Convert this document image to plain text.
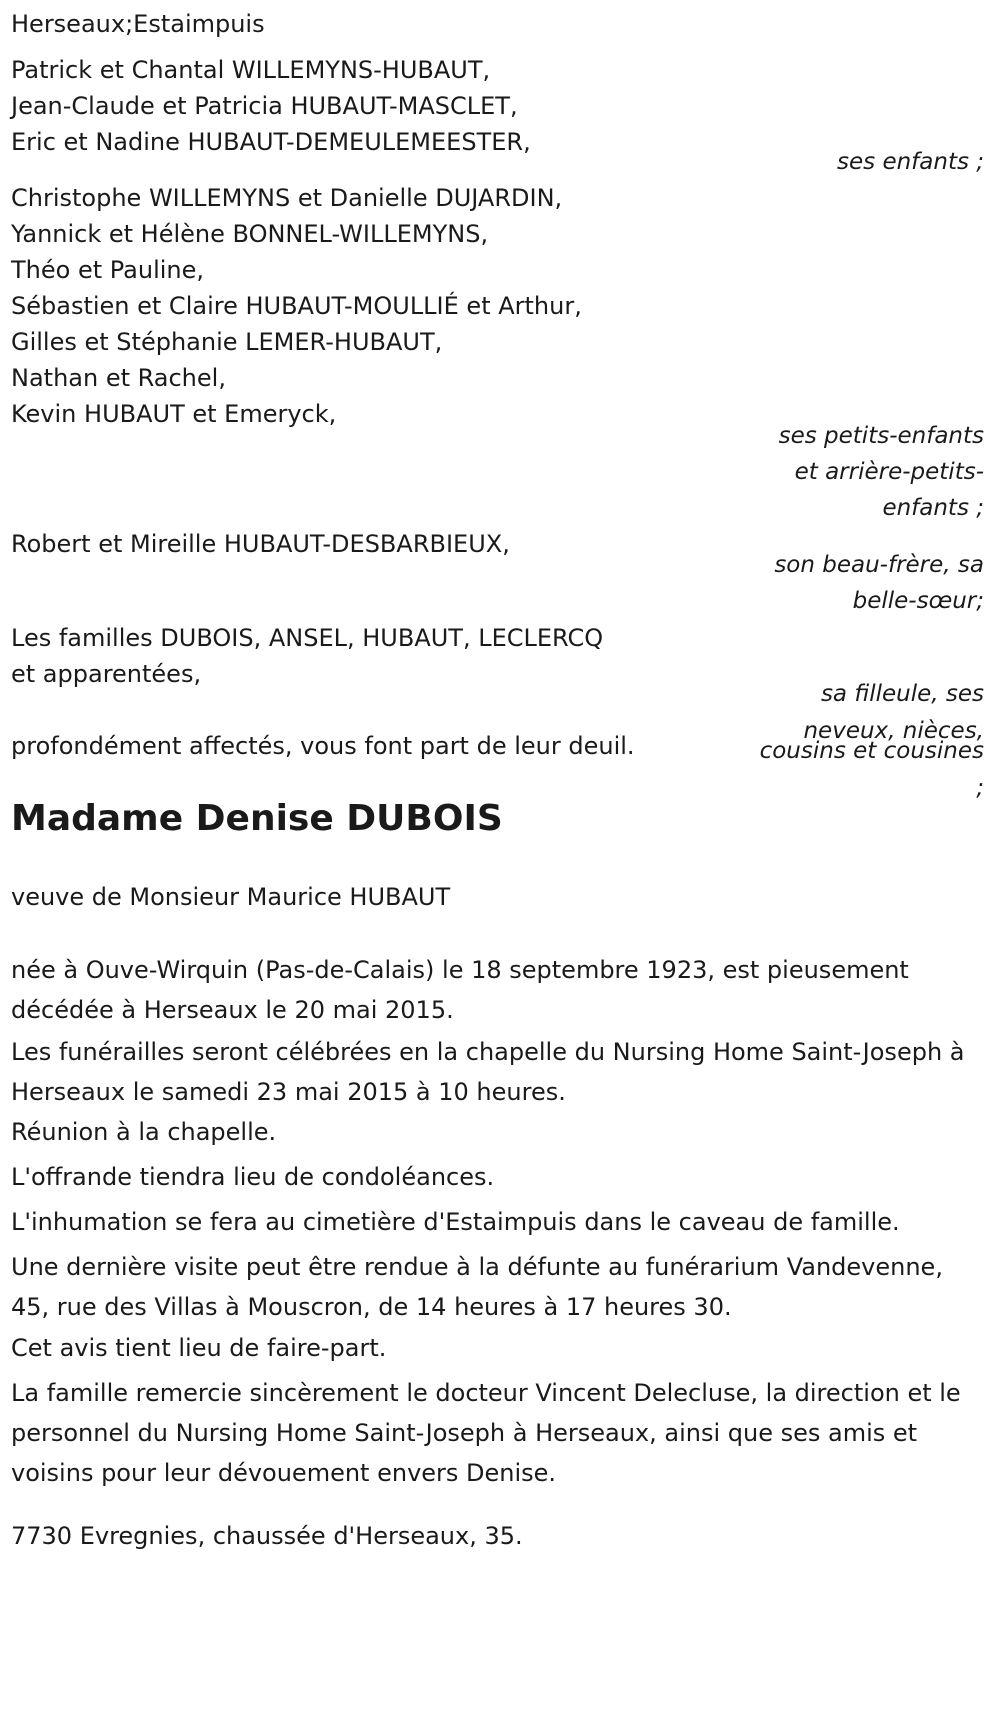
Herseaux;Estaimpuis
Patrick et Chantal WILLEMYNS-HUBAUT,
Jean-Claude et Patricia HUBAUT-MASCLET,
Eric et Nadine HUBAUT-DEMEULEMEESTER,
ses enfants ;
Christophe WILLEMYNS et Danielle DUJARDIN,
Yannick et Hélène BONNEL-WILLEMYNS,
Théo et Pauline,
Sébastien et Claire HUBAUT-MOULLIÉ et Arthur,
Gilles et Stéphanie LEMER-HUBAUT,
Nathan et Rachel,
Kevin HUBAUT et Emeryck,
ses petits-enfants
et arrière-petits-
enfants ;
Robert et Mireille HUBAUT-DESBARBIEUX,
son beau-frère, sa
belle-sœur;
Les familles DUBOIS, ANSEL, HUBAUT, LECLERCQ
et apparentées,
sa filleule, ses
neveux, nièces,
cousins et cousines
;
profondément affectés, vous font part de leur deuil.
Madame Denise DUBOIS
veuve de Monsieur Maurice HUBAUT
née à Ouve-Wirquin (Pas-de-Calais) le 18 septembre 1923, est pieusement décédée à Herseaux le 20 mai 2015.
Les funérailles seront célébrées en la chapelle du Nursing Home Saint-Joseph à Herseaux le samedi 23 mai 2015 à 10 heures.
Réunion à la chapelle.
L'offrande tiendra lieu de condoléances.
L'inhumation se fera au cimetière d'Estaimpuis dans le caveau de famille.
Une dernière visite peut être rendue à la défunte au funérarium Vandevenne, 45, rue des Villas à Mouscron, de 14 heures à 17 heures 30.
Cet avis tient lieu de faire-part.
La famille remercie sincèrement le docteur Vincent Delecluse, la direction et le personnel du Nursing Home Saint-Joseph à Herseaux, ainsi que ses amis et voisins pour leur dévouement envers Denise.
7730 Evregnies, chaussée d'Herseaux, 35.
